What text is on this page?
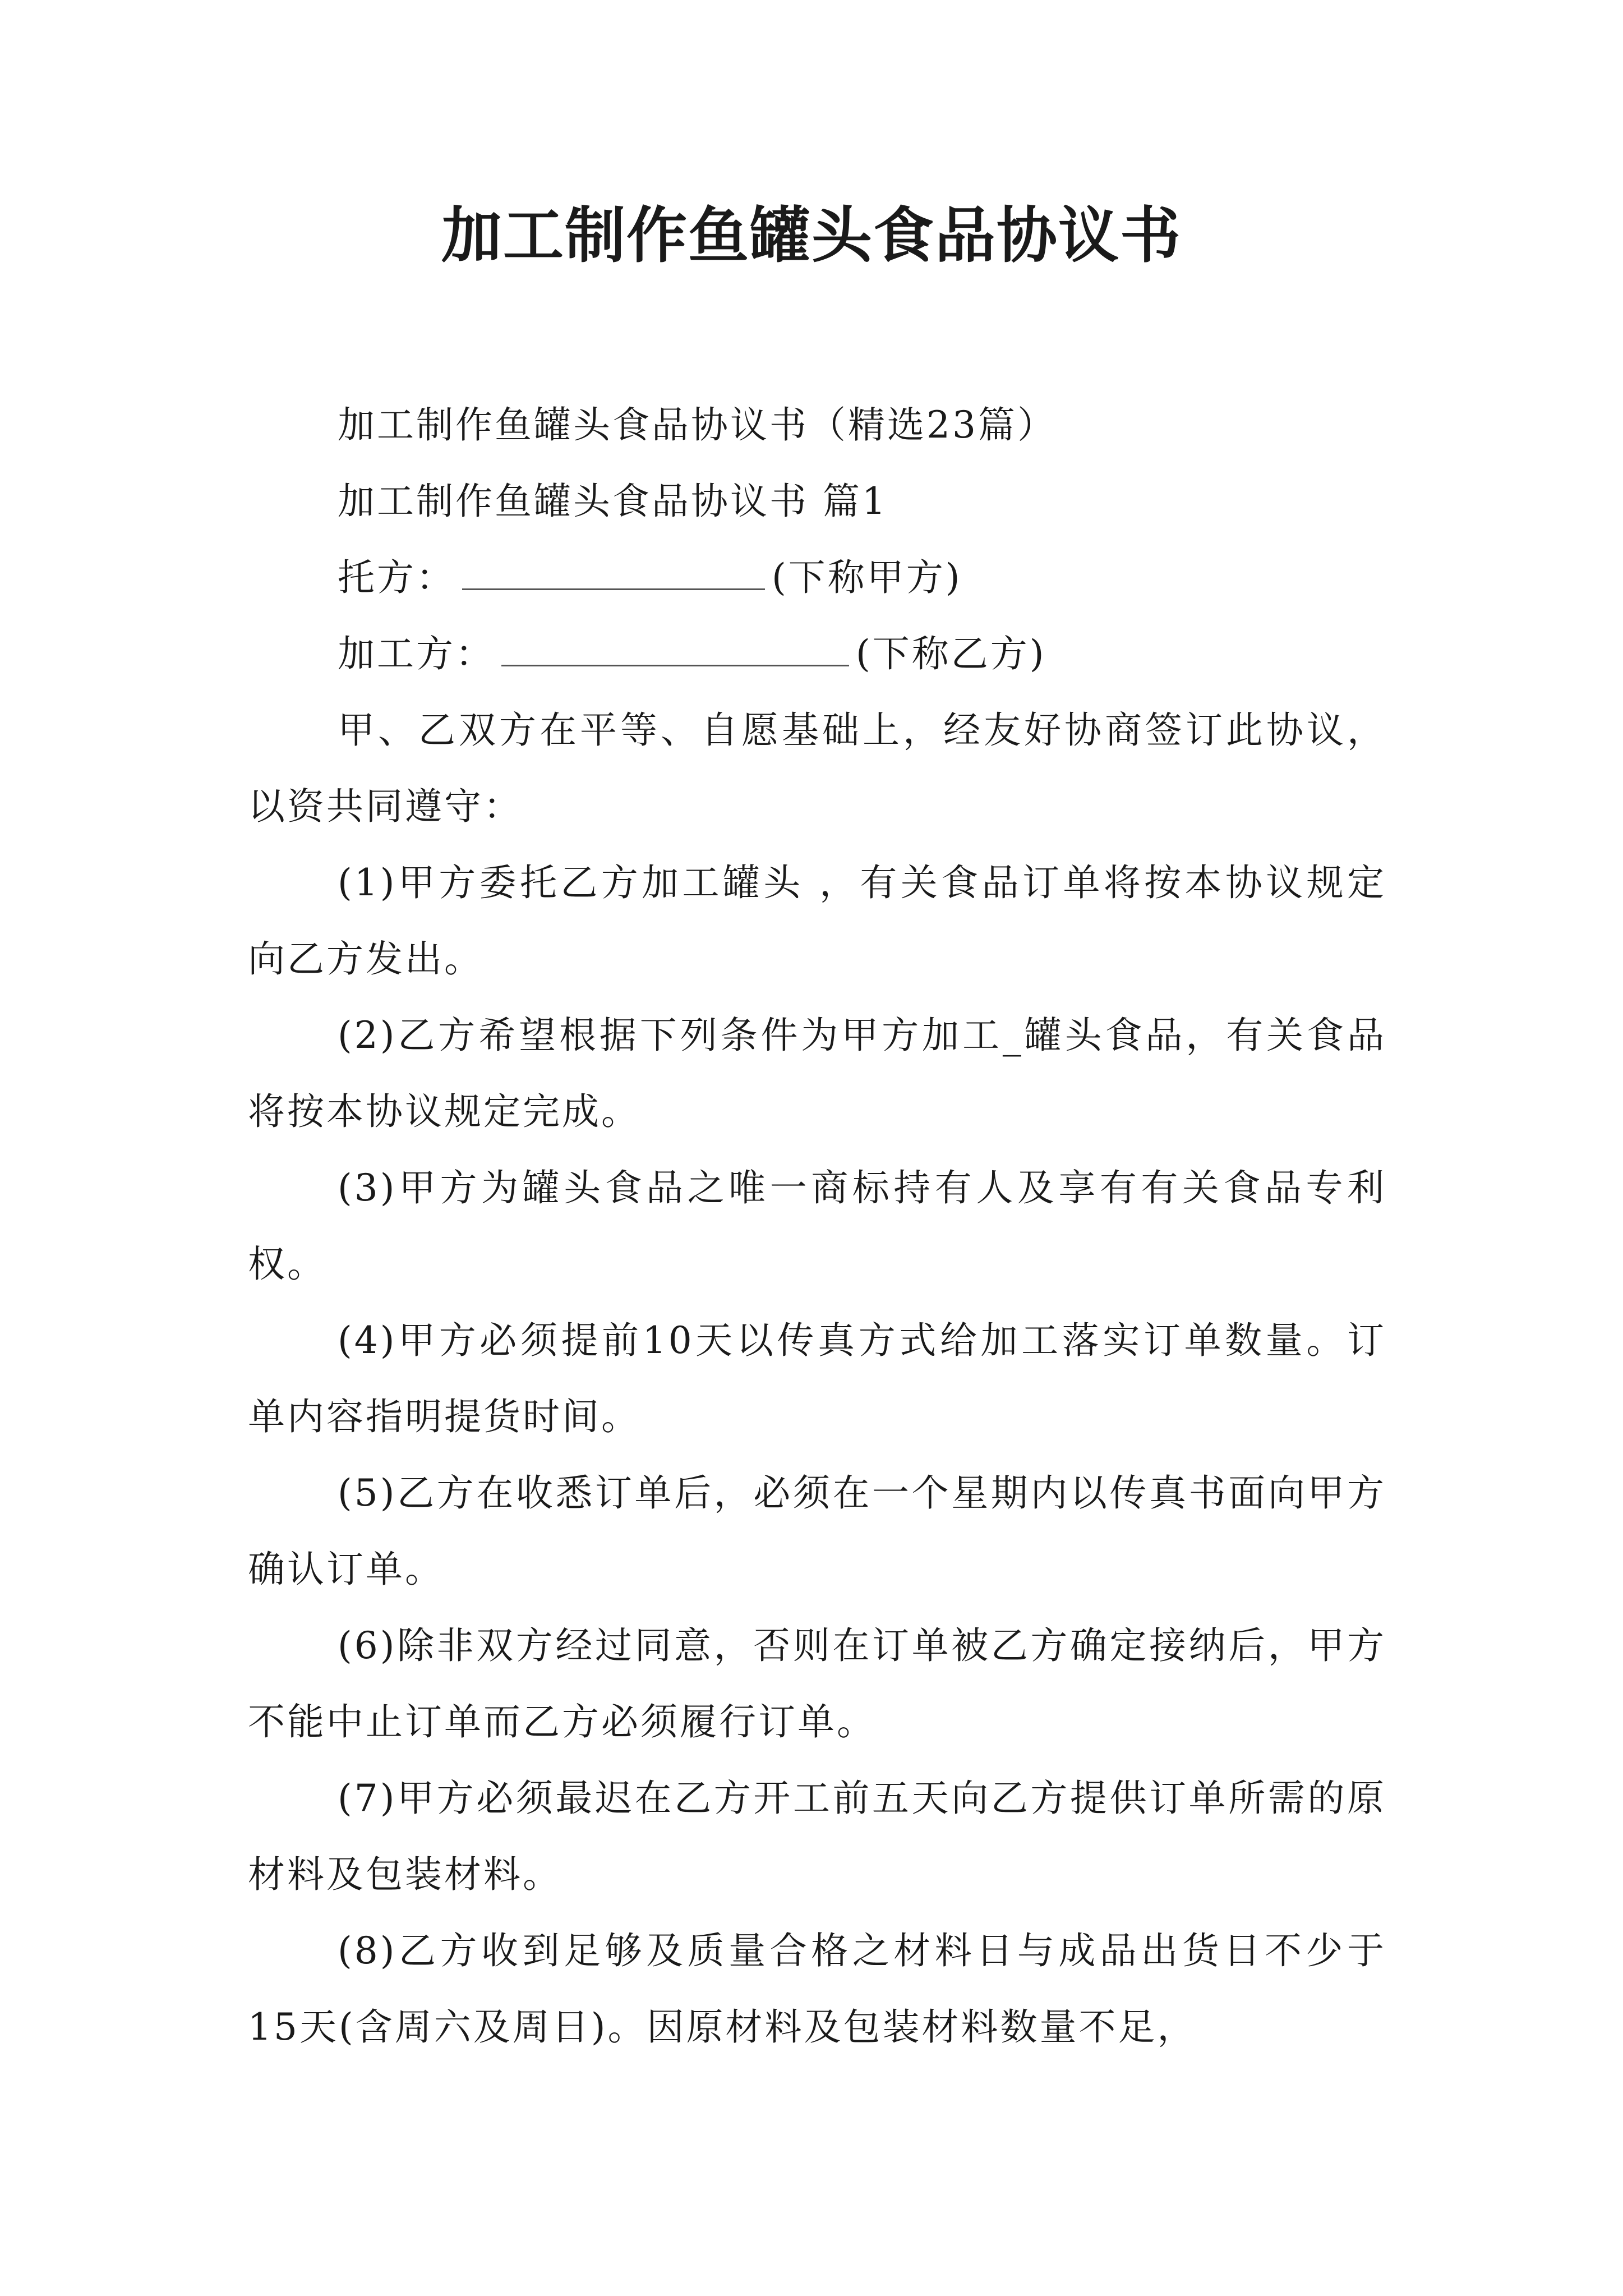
加工制作鱼罐头食品协议书

加工制作鱼罐头食品协议书（精选23篇）

加工制作鱼罐头食品协议书 篇1

托方：	(下称甲方)

加工方：	(下称乙方)

甲、乙双方在平等、自愿基础上，经友好协商签订此协议，以资共同遵守：

(1)甲方委托乙方加工罐头 ，有关食品订单将按本协议规定向乙方发出。

(2)乙方希望根据下列条件为甲方加工_罐头食品，有关食品将按本协议规定完成。

(3)甲方为罐头食品之唯一商标持有人及享有有关食品专利权。

(4)甲方必须提前10天以传真方式给加工落实订单数量。订单内容指明提货时间。

(5)乙方在收悉订单后，必须在一个星期内以传真书面向甲方确认订单。

(6)除非双方经过同意，否则在订单被乙方确定接纳后，甲方不能中止订单而乙方必须履行订单。

(7)甲方必须最迟在乙方开工前五天向乙方提供订单所需的原材料及包装材料。

(8)乙方收到足够及质量合格之材料日与成品出货日不少于15天(含周六及周日)。因原材料及包装材料数量不足，
